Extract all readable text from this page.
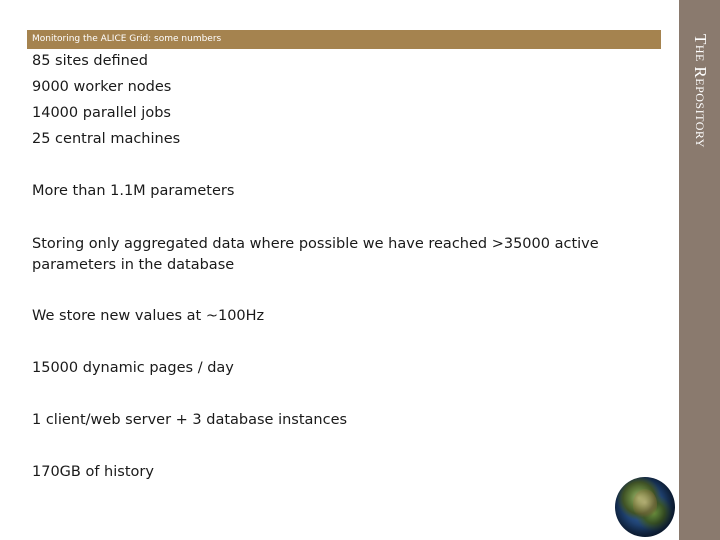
Monitoring the ALICE Grid: some numbers	THE REPOSITORY
85 sites defined
9000 worker nodes
14000 parallel jobs
25 central machines
More than 1.1M parameters
Storing only aggregated data where possible we have reached >35000 active parameters in the database
We store new values at ~100Hz
15000 dynamic pages / day
1 client/web server + 3 database instances
170GB of history
